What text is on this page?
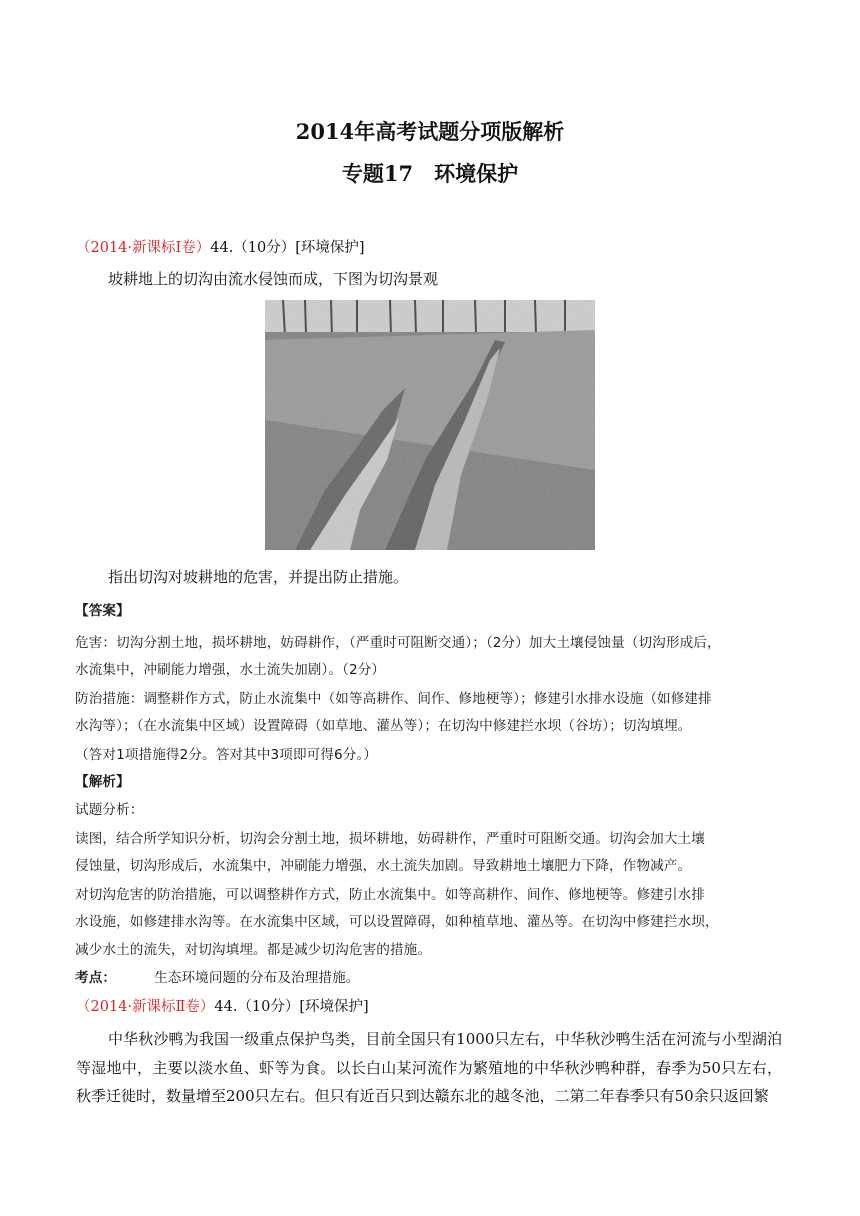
2014年高考试题分项版解析
专题17　环境保护
（2014·新课标Ⅰ卷）44.（10分）[环境保护]
坡耕地上的切沟由流水侵蚀而成，下图为切沟景观
指出切沟对坡耕地的危害，并提出防止措施。
【答案】
危害：切沟分割土地，损坏耕地，妨碍耕作，（严重时可阻断交通）；（2分）加大土壤侵蚀量（切沟形成后，
水流集中，冲刷能力增强，水土流失加剧）。（2分）
防治措施：调整耕作方式，防止水流集中（如等高耕作、间作、修地梗等）；修建引水排水设施（如修建排
水沟等）；（在水流集中区域）设置障碍（如草地、灌丛等）；在切沟中修建拦水坝（谷坊）；切沟填埋。
（答对1项措施得2分。答对其中3项即可得6分。）
【解析】
试题分析：
读图，结合所学知识分析，切沟会分割土地，损坏耕地，妨碍耕作，严重时可阻断交通。切沟会加大土壤
侵蚀量，切沟形成后，水流集中，冲刷能力增强，水土流失加剧。导致耕地土壤肥力下降，作物减产。
对切沟危害的防治措施，可以调整耕作方式，防止水流集中。如等高耕作、间作、修地梗等。修建引水排
水设施，如修建排水沟等。在水流集中区域，可以设置障碍，如种植草地、灌丛等。在切沟中修建拦水坝，
减少水土的流失，对切沟填埋。都是减少切沟危害的措施。
考点：	生态环境问题的分布及治理措施。
（2014·新课标Ⅱ卷）44.（10分）[环境保护]

中华秋沙鸭为我国一级重点保护鸟类，目前全国只有1000只左右，中华秋沙鸭生活在河流与小型湖泊等湿地中，主要以淡水鱼、虾等为食。以长白山某河流作为繁殖地的中华秋沙鸭种群，春季为50只左右，秋季迁徙时，数量增至200只左右。但只有近百只到达赣东北的越冬池，二第二年春季只有50余只返回繁
